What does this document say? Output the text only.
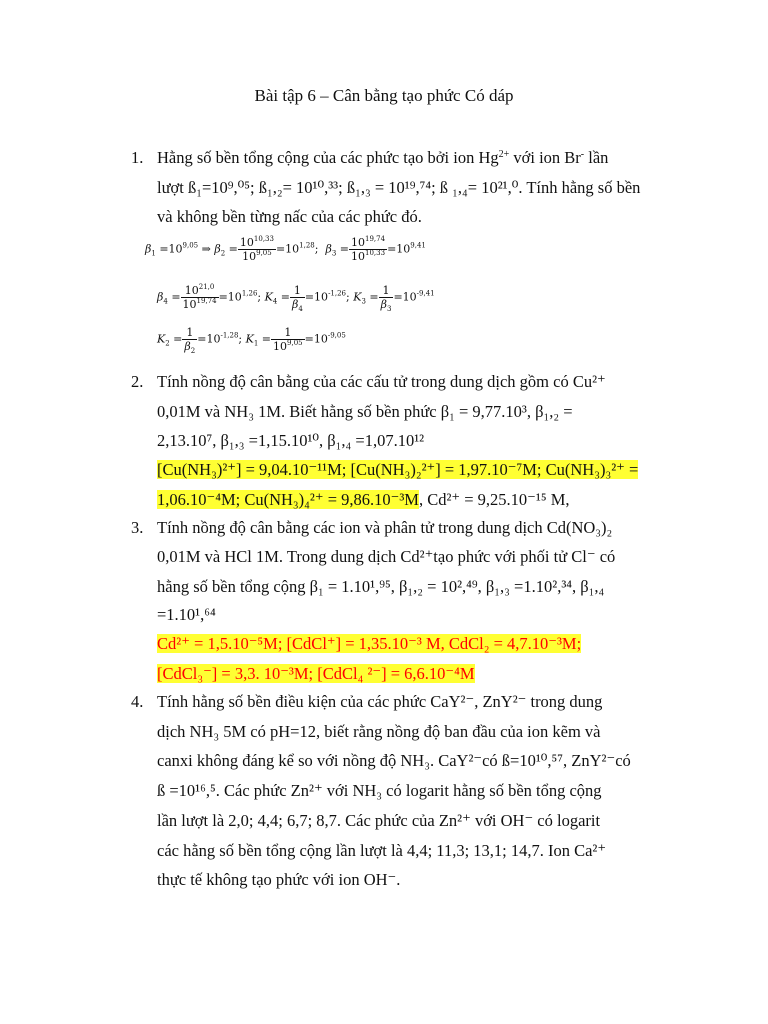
Bài tập 6 – Cân bằng tạo phức Có dáp
1. Hằng số bền tổng cộng của các phức tạo bởi ion $Hg^{2+}$ với ion Br- lần
lượt ß₁=10⁹,⁰⁵; ß₁,₂= 10¹⁰,³³; ß₁,₃ = 10¹⁹,⁷⁴; ß ₁,₄= 10²¹,⁰. Tính hằng số bền
và không bền từng nấc của các phức đó.
$\beta_1 =10^{9,05}$ ⇒ $\beta_2 = \frac{10^{10,33}}{10^{9,05}} =10^{1,28}$;  $\beta_3 = \frac{10^{19,74}}{10^{10,33}} =10^{9,41}$
$\beta_4 = \frac{10^{21,0}}{10^{19,74}} =10^{1,26}$; $K_4 = \frac{1}{\beta_4} =10^{-1,26}$; $K_3 = \frac{1}{\beta_3} =10^{-9,41}$
$K_2 = \frac{1}{\beta_2} =10^{-1,28}$; $K_1 = \frac{1}{10^{9,05}} =10^{-9,05}$
2. Tính nồng độ cân bằng của các cấu tử trong dung dịch gồm có Cu²⁺
0,01M và NH₃ 1M. Biết hằng số bền phức β₁ = 9,77.10³, β₁,₂ =
2,13.10⁷, β₁,₃ =1,15.10¹⁰, β₁,₄ =1,07.10¹²
[Cu(NH₃)²⁺] = 9,04.10⁻¹¹M; [Cu(NH₃)₂²⁺] = 1,97.10⁻⁷M; Cu(NH₃)₃²⁺ =
1,06.10⁻⁴M; Cu(NH₃)₄²⁺ = 9,86.10⁻³M, Cd²⁺ = 9,25.10⁻¹⁵ M,
3. Tính nồng độ cân bằng các ion và phân tử trong dung dịch Cd(NO₃)₂
0,01M và HCl 1M. Trong dung dịch Cd²⁺tạo phức với phối tử Cl⁻ có
hằng số bền tổng cộng β₁ = 1.10¹,⁹⁵, β₁,₂ = 10²,⁴⁹, β₁,₃ =1.10²,³⁴, β₁,₄
=1.10¹,⁶⁴
Cd²⁺ = 1,5.10⁻⁵M; [CdCl⁺] = 1,35.10⁻³ M, CdCl₂ = 4,7.10⁻³M;
[CdCl₃⁻] = 3,3. 10⁻³M; [CdCl₄ ²⁻] = 6,6.10⁻⁴M
4. Tính hằng số bền điều kiện của các phức CaY²⁻, ZnY²⁻ trong dung
dịch NH₃ 5M có pH=12, biết rằng nồng độ ban đầu của ion kẽm và
canxi không đáng kể so với nồng độ NH₃. CaY²⁻có ß=10¹⁰,⁵⁷, ZnY²⁻có
ß =10¹⁶,⁵. Các phức Zn²⁺ với NH₃ có logarit hằng số bền tổng cộng
lần lượt là 2,0; 4,4; 6,7; 8,7. Các phức của Zn²⁺ với OH⁻ có logarit
các hằng số bền tổng cộng lần lượt là 4,4; 11,3; 13,1; 14,7. Ion Ca²⁺
thực tế không tạo phức với ion OH⁻.
